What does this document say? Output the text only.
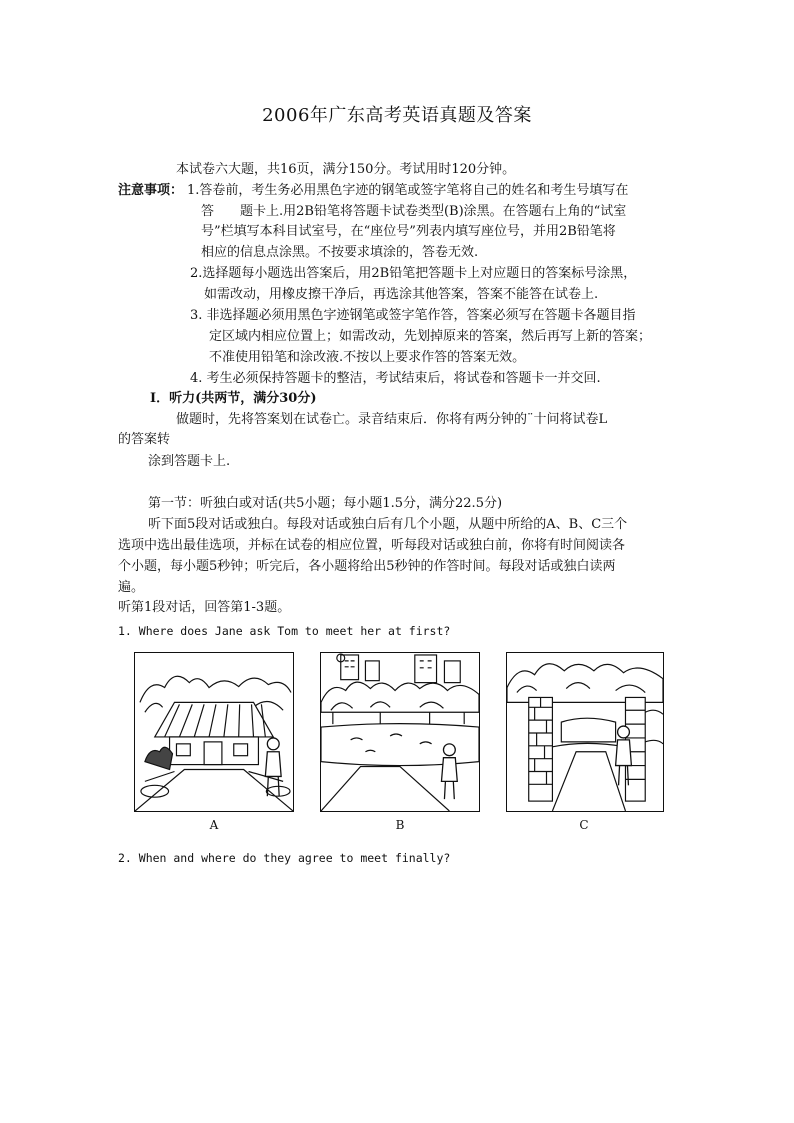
2006年广东高考英语真题及答案
本试卷六大题，共16页，满分150分。考试用时120分钟。
注意事项： 1.答卷前，考生务必用黑色字迹的钢笔或签字笔将自己的姓名和考生号填写在
答　　题卡上.用2B铅笔将答题卡试卷类型(B)涂黑。在答题右上角的“试室
号”栏填写本科目试室号，在“座位号”列表内填写座位号，并用2B铅笔将
相应的信息点涂黑。不按要求填涂的，答卷无效.
2.选择题每小题选出答案后，用2B铅笔把答题卡上对应题日的答案标号涂黑，
如需改动，用橡皮擦干净后，再选涂其他答案，答案不能答在试卷上.
3. 非选择题必须用黑色字迹钢笔或签字笔作答，答案必须写在答题卡各题目指
定区域内相应位置上；如需改动，先划掉原来的答案，然后再写上新的答案；
不准使用铅笔和涂改液.不按以上要求作答的答案无效。
4. 考生必须保持答题卡的整洁，考试结束后，将试卷和答题卡一并交回.
I．听力(共两节，满分30分)
做题时，先将答案划在试卷亡。录音结束后．你将有两分钟的¨十问将试卷L
的答案转
涂到答题卡上.
第一节：听独白或对话(共5小题；每小题1.5分，满分22.5分)
听下面5段对话或独白。每段对话或独白后有几个小题，从题中所给的A、B、C三个
选项中选出最佳选项，并标在试卷的相应位置，听每段对话或独白前，你将有时间阅读各
个小题，每小题5秒钟；听完后，各小题将给出5秒钟的作答时间。每段对话或独白读两
遍。
听第1段对话，回答第1-3题。
1. Where does Jane ask Tom to meet her at first?
A	B	C
2. When and where do they agree to meet finally?
